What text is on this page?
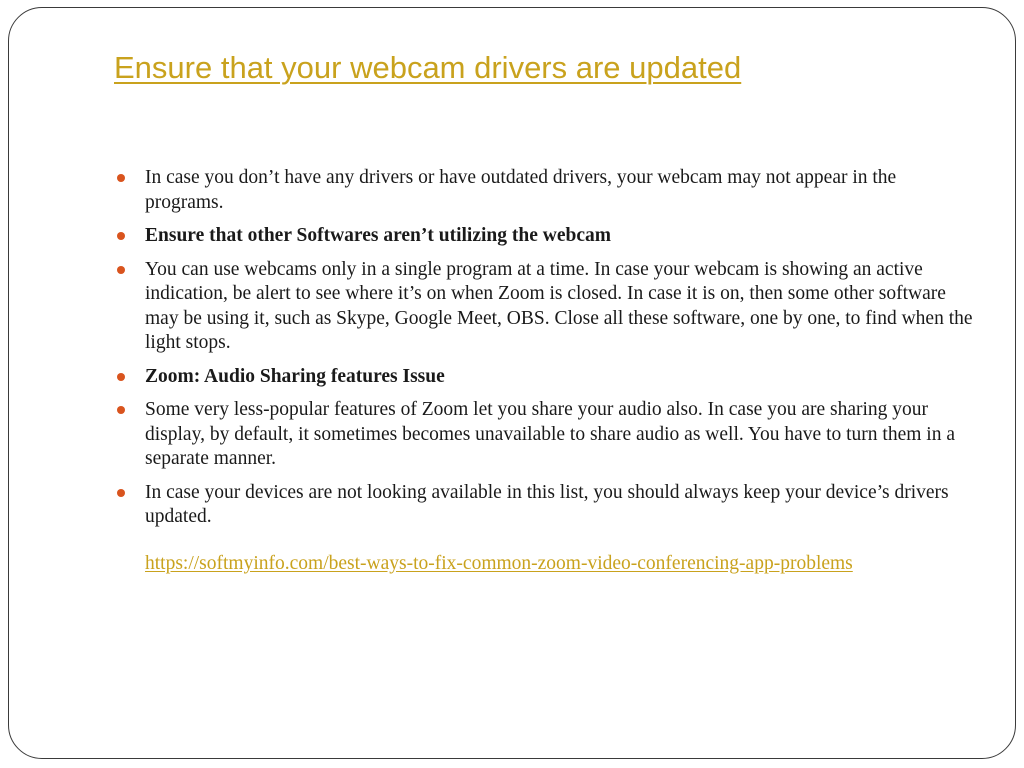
Ensure that your webcam drivers are updated
In case you don’t have any drivers or have outdated drivers, your webcam may not appear in the programs.
Ensure that other Softwares aren’t utilizing the webcam
You can use webcams only in a single program at a time. In case your webcam is showing an active indication, be alert to see where it’s on when Zoom is closed. In case it is on, then some other software may be using it, such as Skype, Google Meet, OBS. Close all these software, one by one, to find when the light stops.
Zoom: Audio Sharing features Issue
Some very less-popular features of Zoom let you share your audio also. In case you are sharing your display, by default, it sometimes becomes unavailable to share audio as well. You have to turn them in a separate manner.
In case your devices are not looking available in this list, you should always keep your device’s drivers updated.
https://softmyinfo.com/best-ways-to-fix-common-zoom-video-conferencing-app-problems
